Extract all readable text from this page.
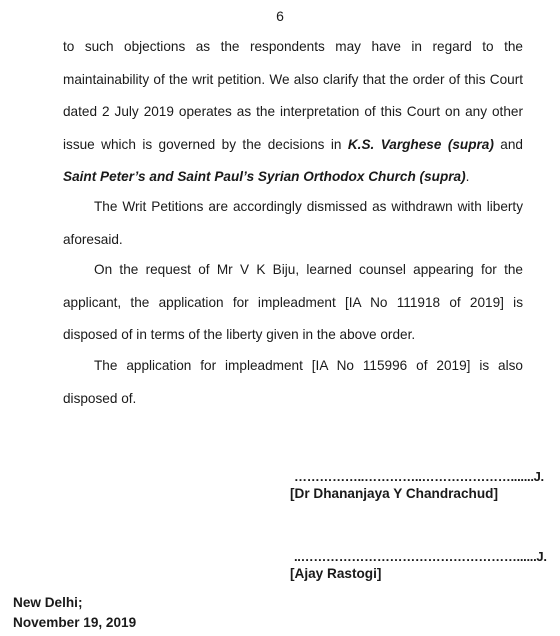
6

to such objections as the respondents may have in regard to the maintainability of the writ petition. We also clarify that the order of this Court dated 2 July 2019 operates as the interpretation of this Court on any other issue which is governed by the decisions in K.S. Varghese (supra) and Saint Peter’s and Saint Paul’s Syrian Orthodox Church (supra).

The Writ Petitions are accordingly dismissed as withdrawn with liberty aforesaid.

On the request of Mr V K Biju, learned counsel appearing for the applicant, the application for impleadment [IA No 111918 of 2019] is disposed of in terms of the liberty given in the above order.

The application for impleadment [IA No 115996 of 2019] is also disposed of.

……………..…………..………………….......J.
[Dr Dhananjaya Y Chandrachud]
..……………………………………………......J.
[Ajay Rastogi]
New Delhi;
November 19, 2019
